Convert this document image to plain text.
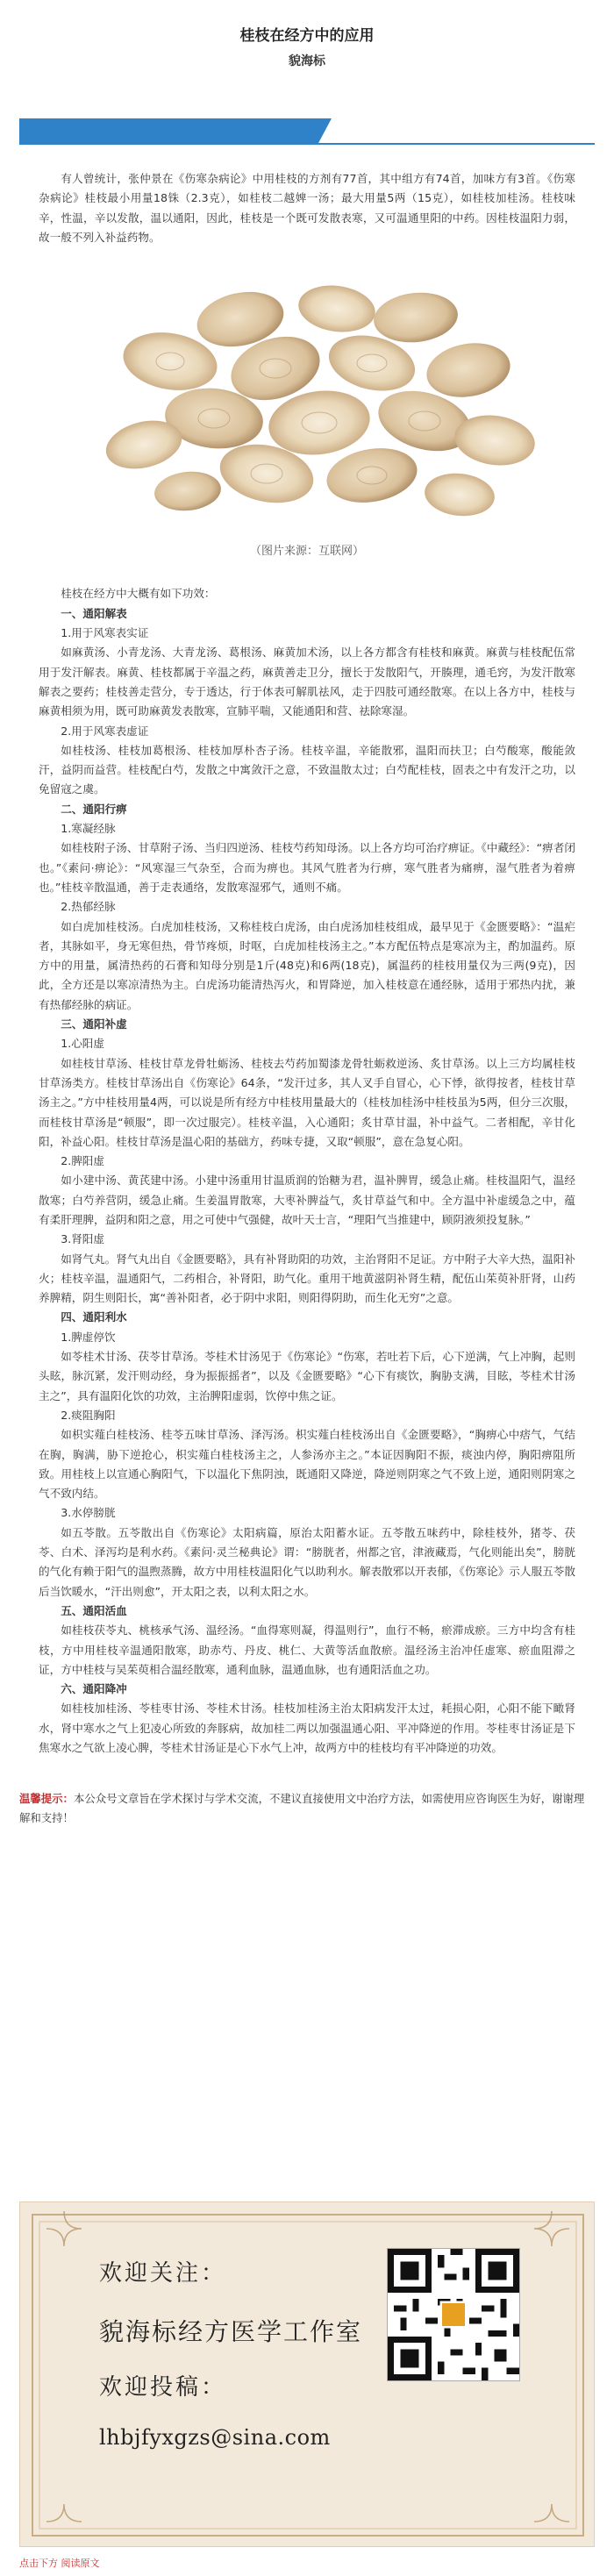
桂枝在经方中的应用
貌海标

有人曾统计，张仲景在《伤寒杂病论》中用桂枝的方剂有77首，其中组方有74首，加味方有3首。《伤寒杂病论》桂枝最小用量18铢（2.3克），如桂枝二越婢一汤；最大用量5两（15克），如桂枝加桂汤。桂枝味辛，性温，辛以发散，温以通阳，因此，桂枝是一个既可发散表寒，又可温通里阳的中药。因桂枝温阳力弱，故一般不列入补益药物。

（图片来源：互联网）

桂枝在经方中大概有如下功效：

一、通阳解表

1.用于风寒表实证

如麻黄汤、小青龙汤、大青龙汤、葛根汤、麻黄加术汤，以上各方都含有桂枝和麻黄。麻黄与桂枝配伍常用于发汗解表。麻黄、桂枝都属于辛温之药，麻黄善走卫分，擅长于发散阳气，开腠理，通毛窍，为发汗散寒解表之要药；桂枝善走营分，专于透达，行于体表可解肌祛风，走于四肢可通经散寒。在以上各方中，桂枝与麻黄相须为用，既可助麻黄发表散寒，宣肺平喘，又能通阳和营、祛除寒湿。

2.用于风寒表虚证

如桂枝汤、桂枝加葛根汤、桂枝加厚朴杏子汤。桂枝辛温，辛能散邪，温阳而扶卫；白芍酸寒，酸能敛汗，益阴而益营。桂枝配白芍，发散之中寓敛汗之意，不致温散太过；白芍配桂枝，固表之中有发汗之功，以免留寇之虞。

二、通阳行痹

1.寒凝经脉

如桂枝附子汤、甘草附子汤、当归四逆汤、桂枝芍药知母汤。以上各方均可治疗痹证。《中藏经》：“痹者闭也。”《素问·痹论》：“风寒湿三气杂至，合而为痹也。其风气胜者为行痹，寒气胜者为痛痹，湿气胜者为着痹也。”桂枝辛散温通，善于走表通络，发散寒湿邪气，通则不痛。

2.热郁经脉

如白虎加桂枝汤。白虎加桂枝汤，又称桂枝白虎汤，由白虎汤加桂枝组成，最早见于《金匮要略》：“温疟者，其脉如平，身无寒但热，骨节疼烦，时呕，白虎加桂枝汤主之。”本方配伍特点是寒凉为主，酌加温药。原方中的用量，属清热药的石膏和知母分别是1斤(48克)和6两(18克)，属温药的桂枝用量仅为三两(9克)，因此，全方还是以寒凉清热为主。白虎汤功能清热泻火，和胃降逆，加入桂枝意在通经脉，适用于邪热内扰，兼有热郁经脉的病证。

三、通阳补虚

1.心阳虚

如桂枝甘草汤、桂枝甘草龙骨牡蛎汤、桂枝去芍药加蜀漆龙骨牡蛎救逆汤、炙甘草汤。以上三方均属桂枝甘草汤类方。桂枝甘草汤出自《伤寒论》64条，“发汗过多，其人叉手自冒心，心下悸，欲得按者，桂枝甘草汤主之。”方中桂枝用量4两，可以说是所有经方中桂枝用量最大的（桂枝加桂汤中桂枝虽为5两，但分三次服，而桂枝甘草汤是“顿服”，即一次过服完）。桂枝辛温，入心通阳；炙甘草甘温，补中益气。二者相配，辛甘化阳，补益心阳。桂枝甘草汤是温心阳的基础方，药味专捷，又取“顿服”，意在急复心阳。

2.脾阳虚

如小建中汤、黄芪建中汤。小建中汤重用甘温质润的饴糖为君，温补脾胃，缓急止痛。桂枝温阳气，温经散寒；白芍养营阴，缓急止痛。生姜温胃散寒，大枣补脾益气，炙甘草益气和中。全方温中补虚缓急之中，蕴有柔肝理脾，益阴和阳之意，用之可使中气强健，故叶天士言，“理阳气当推建中，顾阴液须投复脉。”

3.肾阳虚

如肾气丸。肾气丸出自《金匮要略》，具有补肾助阳的功效，主治肾阳不足证。方中附子大辛大热，温阳补火；桂枝辛温，温通阳气，二药相合，补肾阳，助气化。重用干地黄滋阴补肾生精，配伍山茱萸补肝肾，山药养脾精，阴生则阳长，寓“善补阳者，必于阴中求阳，则阳得阴助，而生化无穷”之意。

四、通阳利水

1.脾虚停饮

如苓桂术甘汤、茯苓甘草汤。苓桂术甘汤见于《伤寒论》“伤寒，若吐若下后，心下逆满，气上冲胸，起则头眩，脉沉紧，发汗则动经，身为振振摇者”，以及《金匮要略》“心下有痰饮，胸胁支满，目眩，苓桂术甘汤主之”，具有温阳化饮的功效，主治脾阳虚弱，饮停中焦之证。

2.痰阻胸阳

如枳实薤白桂枝汤、桂苓五味甘草汤、泽泻汤。枳实薤白桂枝汤出自《金匮要略》，“胸痹心中痞气，气结在胸，胸满，胁下逆抢心，枳实薤白桂枝汤主之，人参汤亦主之。”本证因胸阳不振，痰浊内停，胸阳痹阻所致。用桂枝上以宣通心胸阳气，下以温化下焦阴浊，既通阳又降逆，降逆则阴寒之气不致上逆，通阳则阴寒之气不致内结。

3.水停膀胱

如五苓散。五苓散出自《伤寒论》太阳病篇，原治太阳蓄水证。五苓散五味药中，除桂枝外，猪苓、茯苓、白术、泽泻均是利水药。《素问·灵兰秘典论》谓：“膀胱者，州都之官，津液藏焉，气化则能出矣”，膀胱的气化有赖于阳气的温煦蒸腾，故方中用桂枝温阳化气以助利水。解表散邪以开表郁，《伤寒论》示人服五苓散后当饮暖水，“汗出则愈”，开太阳之表，以利太阳之水。

五、通阳活血

如桂枝茯苓丸、桃核承气汤、温经汤。“血得寒则凝，得温则行”，血行不畅，瘀滞成瘀。三方中均含有桂枝，方中用桂枝辛温通阳散寒，助赤芍、丹皮、桃仁、大黄等活血散瘀。温经汤主治冲任虚寒、瘀血阻滞之证，方中桂枝与吴茱萸相合温经散寒，通利血脉，温通血脉，也有通阳活血之功。

六、通阳降冲

如桂枝加桂汤、苓桂枣甘汤、苓桂术甘汤。桂枝加桂汤主治太阳病发汗太过，耗损心阳，心阳不能下瞰肾水，肾中寒水之气上犯凌心所致的奔豚病，故加桂二两以加强温通心阳、平冲降逆的作用。苓桂枣甘汤证是下焦寒水之气欲上凌心脾，苓桂术甘汤证是心下水气上冲，故两方中的桂枝均有平冲降逆的功效。

温馨提示：本公众号文章旨在学术探讨与学术交流，不建议直接使用文中治疗方法，如需使用应咨询医生为好，谢谢理解和支持！
欢迎关注：
貌海标经方医学工作室
欢迎投稿：
lhbjfyxgzs@sina.com
点击下方 阅读原文
